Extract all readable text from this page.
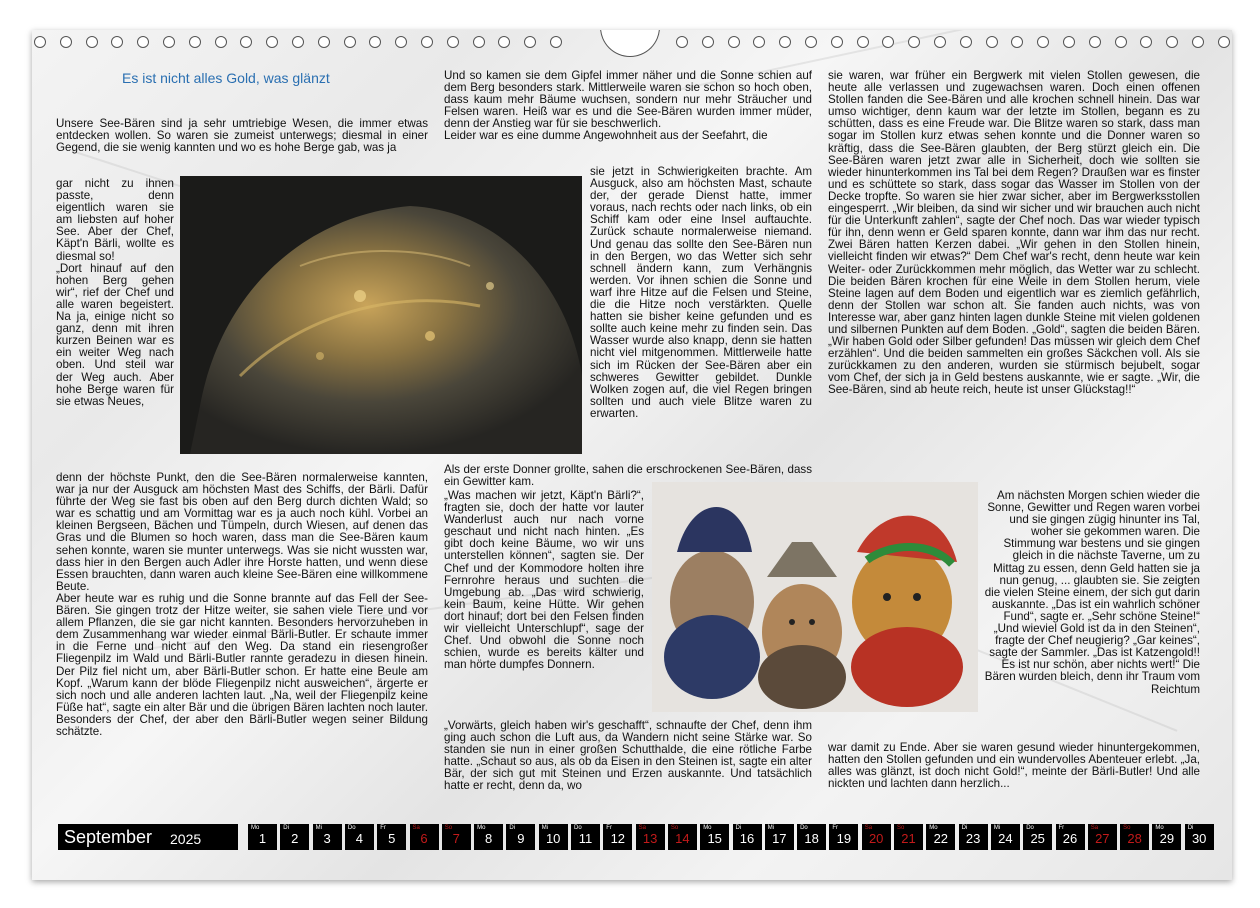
Es ist nicht alles Gold, was glänzt

Unsere See-Bären sind ja sehr umtriebige Wesen, die immer etwas entdecken wollen. So waren sie zumeist unterwegs; diesmal in einer Gegend, die sie wenig kannten und wo es hohe Berge gab, was ja

gar nicht zu ihnen passte, denn eigentlich waren sie am liebsten auf hoher See. Aber der Chef, Käpt'n Bärli, wollte es diesmal so!

„Dort hinauf auf den hohen Berg gehen wir“, rief der Chef und alle waren begeistert. Na ja, einige nicht so ganz, denn mit ihren kurzen Beinen war es ein weiter Weg nach oben. Und steil war der Weg auch. Aber hohe Berge waren für sie etwas Neues,

denn der höchste Punkt, den die See-Bären normalerweise kannten, war ja nur der Ausguck am höchsten Mast des Schiffs, der Bärli. Dafür führte der Weg sie fast bis oben auf den Berg durch dichten Wald; so war es schattig und am Vormittag war es ja auch noch kühl. Vorbei an kleinen Bergseen, Bächen und Tümpeln, durch Wiesen, auf denen das Gras und die Blumen so hoch waren, dass man die See-Bären kaum sehen konnte, waren sie munter unterwegs. Was sie nicht wussten war, dass hier in den Bergen auch Adler ihre Horste hatten, und wenn diese Essen brauchten, dann waren auch kleine See-Bären eine willkommene Beute.

Aber heute war es ruhig und die Sonne brannte auf das Fell der See-Bären. Sie gingen trotz der Hitze weiter, sie sahen viele Tiere und vor allem Pflanzen, die sie gar nicht kannten. Besonders hervorzuheben in dem Zusammenhang war wieder einmal Bärli-Butler. Er schaute immer in die Ferne und nicht auf den Weg. Da stand ein riesengroßer Fliegenpilz im Wald und Bärli-Butler rannte geradezu in diesen hinein. Der Pilz fiel nicht um, aber Bärli-Butler schon. Er hatte eine Beule am Kopf. „Warum kann der blöde Fliegenpilz nicht ausweichen“, ärgerte er sich noch und alle anderen lachten laut. „Na, weil der Fliegenpilz keine Füße hat“, sagte ein alter Bär und die übrigen Bären lachten noch lauter. Besonders der Chef, der aber den Bärli-Butler wegen seiner Bildung schätzte.

Und so kamen sie dem Gipfel immer näher und die Sonne schien auf dem Berg besonders stark. Mittlerweile waren sie schon so hoch oben, dass kaum mehr Bäume wuchsen, sondern nur mehr Sträucher und Felsen waren. Heiß war es und die See-Bären wurden immer müder, denn der Anstieg war für sie beschwerlich.

Leider war es eine dumme Angewohnheit aus der Seefahrt, die

sie jetzt in Schwierigkeiten brachte. Am Ausguck, also am höchsten Mast, schaute der, der gerade Dienst hatte, immer voraus, nach rechts oder nach links, ob ein Schiff kam oder eine Insel auftauchte. Zurück schaute normalerweise niemand. Und genau das sollte den See-Bären nun in den Bergen, wo das Wetter sich sehr schnell ändern kann, zum Verhängnis werden. Vor ihnen schien die Sonne und warf ihre Hitze auf die Felsen und Steine, die die Hitze noch verstärkten. Quelle hatten sie bisher keine gefunden und es sollte auch keine mehr zu finden sein. Das Wasser wurde also knapp, denn sie hatten nicht viel mitgenommen. Mittlerweile hatte sich im Rücken der See-Bären aber ein schweres Gewitter gebildet. Dunkle Wolken zogen auf, die viel Regen bringen sollten und auch viele Blitze waren zu erwarten.

Als der erste Donner grollte, sahen die erschrockenen See-Bären, dass ein Gewitter kam.

„Was machen wir jetzt, Käpt'n Bärli?“, fragten sie, doch der hatte vor lauter Wanderlust auch nur nach vorne geschaut und nicht nach hinten. „Es gibt doch keine Bäume, wo wir uns unterstellen können“, sagten sie. Der Chef und der Kommodore holten ihre Fernrohre heraus und suchten die Umgebung ab. „Das wird schwierig, kein Baum, keine Hütte. Wir gehen dort hinauf; dort bei den Felsen finden wir vielleicht Unterschlupf“, sage der Chef. Und obwohl die Sonne noch schien, wurde es bereits kälter und man hörte dumpfes Donnern.

„Vorwärts, gleich haben wir's geschafft“, schnaufte der Chef, denn ihm ging auch schon die Luft aus, da Wandern nicht seine Stärke war. So standen sie nun in einer großen Schutthalde, die eine rötliche Farbe hatte. „Schaut so aus, als ob da Eisen in den Steinen ist, sagte ein alter Bär, der sich gut mit Steinen und Erzen auskannte. Und tatsächlich hatte er recht, denn da, wo

sie waren, war früher ein Bergwerk mit vielen Stollen gewesen, die heute alle verlassen und zugewachsen waren. Doch einen offenen Stollen fanden die See-Bären und alle krochen schnell hinein. Das war umso wichtiger, denn kaum war der letzte im Stollen, begann es zu schütten, dass es eine Freude war. Die Blitze waren so stark, dass man sogar im Stollen kurz etwas sehen konnte und die Donner waren so kräftig, dass die See-Bären glaubten, der Berg stürzt gleich ein. Die See-Bären waren jetzt zwar alle in Sicherheit, doch wie sollten sie wieder hinunterkommen ins Tal bei dem Regen? Draußen war es finster und es schüttete so stark, dass sogar das Wasser im Stollen von der Decke tropfte. So waren sie hier zwar sicher, aber im Bergwerksstollen eingesperrt. „Wir bleiben, da sind wir sicher und wir brauchen auch nicht für die Unterkunft zahlen“, sagte der Chef noch. Das war wieder typisch für ihn, denn wenn er Geld sparen konnte, dann war ihm das nur recht. Zwei Bären hatten Kerzen dabei. „Wir gehen in den Stollen hinein, vielleicht finden wir etwas?“ Dem Chef war's recht, denn heute war kein Weiter- oder Zurückkommen mehr möglich, das Wetter war zu schlecht. Die beiden Bären krochen für eine Weile in dem Stollen herum, viele Steine lagen auf dem Boden und eigentlich war es ziemlich gefährlich, denn der Stollen war schon alt. Sie fanden auch nichts, was von Interesse war, aber ganz hinten lagen dunkle Steine mit vielen goldenen und silbernen Punkten auf dem Boden. „Gold“, sagten die beiden Bären. „Wir haben Gold oder Silber gefunden! Das müssen wir gleich dem Chef erzählen“. Und die beiden sammelten ein großes Säckchen voll. Als sie zurückkamen zu den anderen, wurden sie stürmisch bejubelt, sogar vom Chef, der sich ja in Geld bestens auskannte, wie er sagte. „Wir, die See-Bären, sind ab heute reich, heute ist unser Glückstag!!“

Am nächsten Morgen schien wieder die Sonne, Gewitter und Regen waren vorbei und sie gingen zügig hinunter ins Tal, woher sie gekommen waren. Die Stimmung war bestens und sie gingen gleich in die nächste Taverne, um zu Mittag zu essen, denn Geld hatten sie ja nun genug, ... glaubten sie. Sie zeigten die vielen Steine einem, der sich gut darin auskannte. „Das ist ein wahrlich schöner Fund“, sagte er. „Sehr schöne Steine!“ „Und wieviel Gold ist da in den Steinen“, fragte der Chef neugierig? „Gar keines“, sagte der Sammler. „Das ist Katzengold!! Es ist nur schön, aber nichts wert!“ Die Bären wurden bleich, denn ihr Traum vom Reichtum

war damit zu Ende. Aber sie waren gesund wieder hinuntergekommen, hatten den Stollen gefunden und ein wundervolles Abenteuer erlebt. „Ja, alles was glänzt, ist doch nicht Gold!“, meinte der Bärli-Butler! Und alle nickten und lachten dann herzlich...

September 2025
Mo
1
Di
2
Mi
3
Do
4
Fr
5
Sa
6
So
7
Mo
8
Di
9
Mi
10
Do
11
Fr
12
Sa
13
So
14
Mo
15
Di
16
Mi
17
Do
18
Fr
19
Sa
20
So
21
Mo
22
Di
23
Mi
24
Do
25
Fr
26
Sa
27
So
28
Mo
29
Di
30
